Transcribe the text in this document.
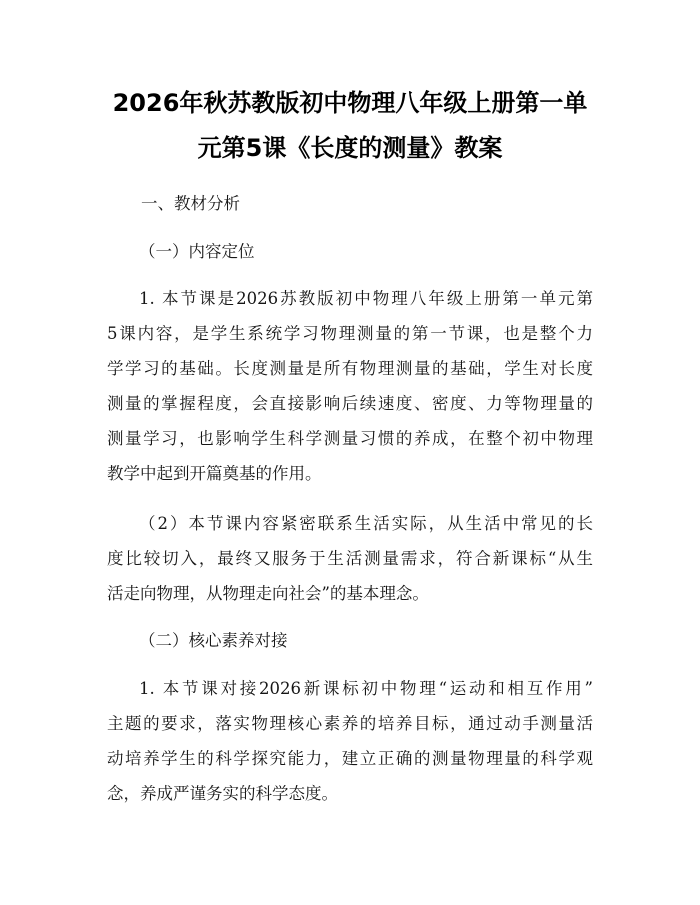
2026年秋苏教版初中物理八年级上册第一单
元第5课《长度的测量》教案
一、教材分析
（一）内容定位
1. 本节课是2026苏教版初中物理八年级上册第一单元第
5课内容，是学生系统学习物理测量的第一节课，也是整个力
学学习的基础。长度测量是所有物理测量的基础，学生对长度
测量的掌握程度，会直接影响后续速度、密度、力等物理量的
测量学习，也影响学生科学测量习惯的养成，在整个初中物理
教学中起到开篇奠基的作用。
（2）本节课内容紧密联系生活实际，从生活中常见的长
度比较切入，最终又服务于生活测量需求，符合新课标“从生
活走向物理，从物理走向社会”的基本理念。
（二）核心素养对接
1. 本节课对接2026新课标初中物理“运动和相互作用”
主题的要求，落实物理核心素养的培养目标，通过动手测量活
动培养学生的科学探究能力，建立正确的测量物理量的科学观
念，养成严谨务实的科学态度。
